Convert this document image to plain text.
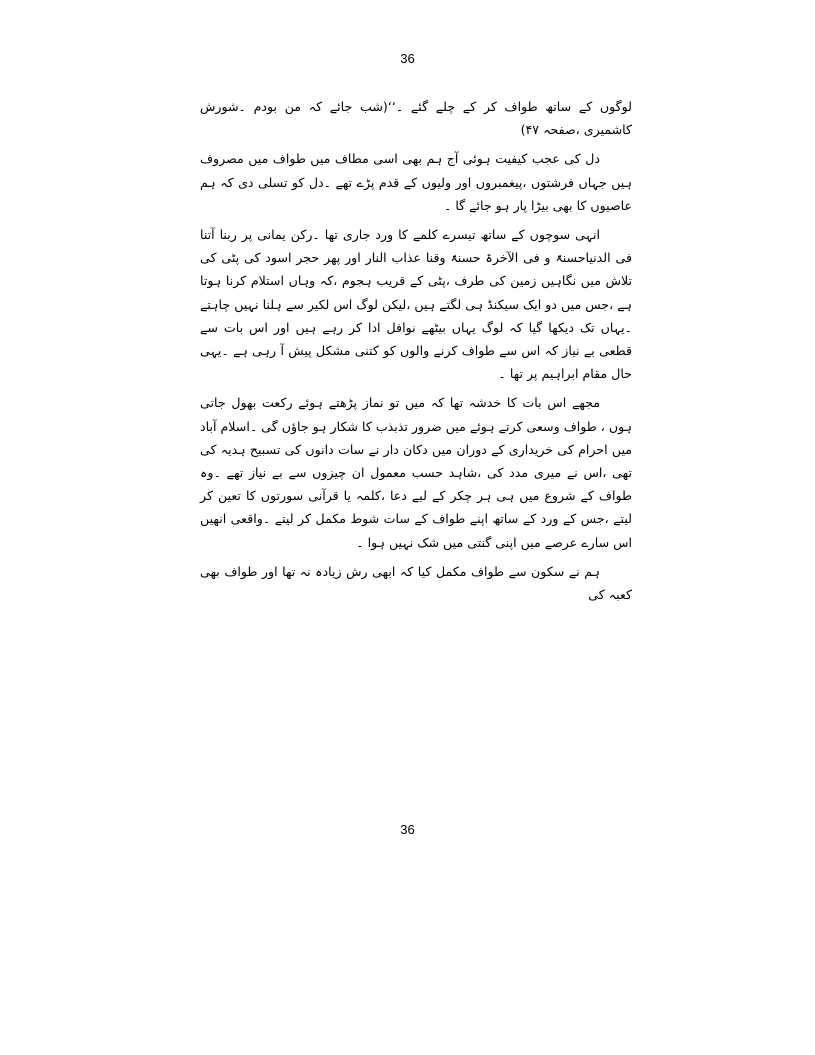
36

لوگوں کے ساتھ طواف کر کے چلے گئے ۔‘‘(شب جائے کہ من بودم ۔شورش کاشمیری ،صفحہ ۴۷)

دل کی عجب کیفیت ہوئی آج ہم بھی اسی مطاف میں طواف میں مصروف ہیں جہاں فرشتوں ،پیغمبروں اور ولیوں کے قدم پڑے تھے ۔دل کو تسلی دی کہ ہم عاصیوں کا بھی بیڑا پار ہو جائے گا ۔

انہی سوچوں کے ساتھ تیسرے کلمے کا ورد جاری تھا ۔رکن یمانی پر ربنا آتنا فی الدنیاحسنۃً و فی الآخرۃ حسنۃً وقنا عذاب النار اور پھر حجر اسود کی پٹی کی تلاش میں نگاہیں زمین کی طرف ،پٹی کے قریب ہجوم ،کہ وہاں استلام کرنا ہوتا ہے ،جس میں دو ایک سیکنڈ ہی لگتے ہیں ،لیکن لوگ اس لکیر سے ہلنا نہیں چاہتے ۔یہاں تک دیکھا گیا کہ لوگ یہاں بیٹھے نوافل ادا کر رہے ہیں اور اس بات سے قطعی بے نیاز کہ اس سے طواف کرنے والوں کو کتنی مشکل پیش آ رہی ہے ۔یہی حال مقام ابراہیم پر تھا ۔

مجھے اس بات کا خدشہ تھا کہ میں تو نماز پڑھتے ہوئے رکعت بھول جاتی ہوں ، طواف وسعی کرتے ہوئے میں ضرور تذبذب کا شکار ہو جاؤں گی ۔اسلام آباد میں احرام کی خریداری کے دوران میں دکان دار نے سات دانوں کی تسبیح ہدیہ کی تھی ،اس نے میری مدد کی ،شاہد حسب معمول ان چیزوں سے بے نیاز تھے ۔وہ طواف کے شروع میں ہی ہر چکر کے لیے دعا ،کلمہ یا قرآنی سورتوں کا تعین کر لیتے ،جس کے ورد کے ساتھ اپنے طواف کے سات شوط مکمل کر لیتے ۔واقعی انھیں اس سارے عرصے میں اپنی گنتی میں شک نہیں ہوا ۔

ہم نے سکون سے طواف مکمل کیا کہ ابھی رش زیادہ نہ تھا اور طواف بھی کعبہ کی

36
